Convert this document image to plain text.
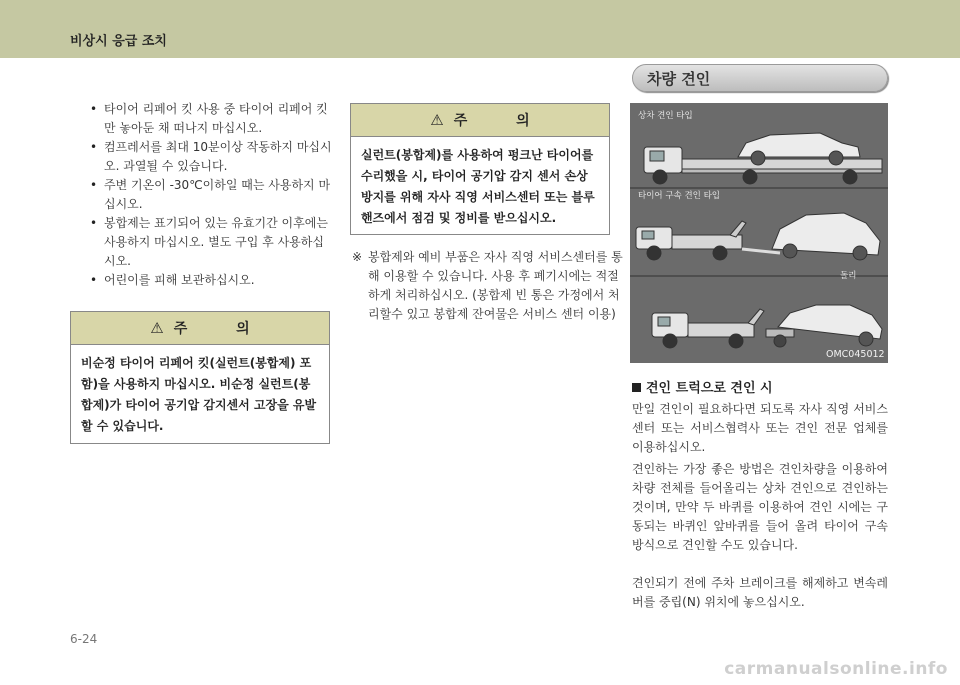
비상시 응급 조치
• 타이어 리페어 킷 사용 중 타이어 리페어 킷만 놓아둔 채 떠나지 마십시오.
• 컴프레서를 최대 10분이상 작동하지 마십시오. 과열될 수 있습니다.
• 주변 기온이 -30℃이하일 때는 사용하지 마십시오.
• 봉합제는 표기되어 있는 유효기간 이후에는 사용하지 마십시오. 별도 구입 후 사용하십시오.
• 어린이를 피해 보관하십시오.
⚠ 주 의
비순정 타이어 리페어 킷(실런트(봉합제) 포함)을 사용하지 마십시오. 비순정 실런트(봉합제)가 타이어 공기압 감지센서 고장을 유발할 수 있습니다.
⚠ 주 의
실런트(봉합제)를 사용하여 펑크난 타이어를 수리했을 시, 타이어 공기압 감지 센서 손상 방지를 위해 자사 직영 서비스센터 또는 블루핸즈에서 점검 및 정비를 받으십시오.
※ 봉합제와 예비 부품은 자사 직영 서비스센터를 통해 이용할 수 있습니다. 사용 후 폐기시에는 적절하게 처리하십시오. (봉합제 빈 통은 가정에서 처리할수 있고 봉합제 잔여물은 서비스 센터 이용)
차량 견인
상차 견인 타입
타이어 구속 견인 타입
돌리
OMC045012
견인 트럭으로 견인 시
만일 견인이 필요하다면 되도록 자사 직영 서비스센터 또는 서비스협력사 또는 견인 전문 업체를 이용하십시오.
견인하는 가장 좋은 방법은 견인차량을 이용하여 차량 전체를 들어올리는 상차 견인으로 견인하는 것이며, 만약 두 바퀴를 이용하여 견인 시에는 구동되는 바퀴인 앞바퀴를 들어 올려 타이어 구속 방식으로 견인할 수도 있습니다.
견인되기 전에 주차 브레이크를 해제하고 변속레버를 중립(N) 위치에 놓으십시오.
6-24
carmanualsonline.info
